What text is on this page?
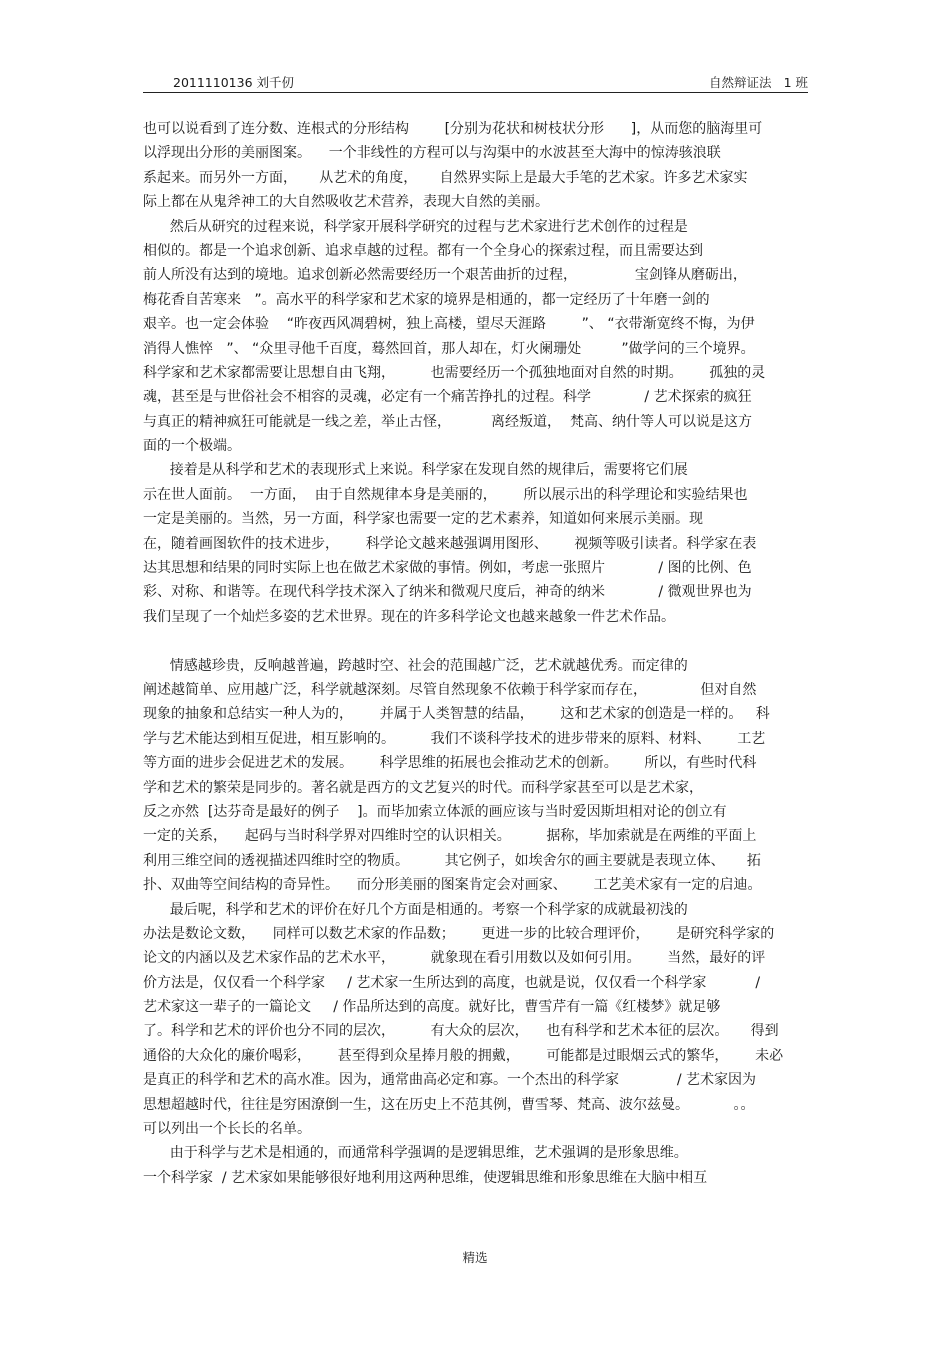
2011110136 刘千仞	自然辩证法 1 班
也可以说看到了连分数、连根式的分形结构        [分别为花状和树枝状分形      ]，从而您的脑海里可
以浮现出分形的美丽图案。    一个非线性的方程可以与沟渠中的水波甚至大海中的惊涛骇浪联
系起来。而另外一方面，     从艺术的角度，     自然界实际上是最大手笔的艺术家。许多艺术家实
际上都在从鬼斧神工的大自然吸收艺术营养，表现大自然的美丽。
然后从研究的过程来说，科学家开展科学研究的过程与艺术家进行艺术创作的过程是
相似的。都是一个追求创新、追求卓越的过程。都有一个全身心的探索过程，而且需要达到
前人所没有达到的境地。追求创新必然需要经历一个艰苦曲折的过程，             宝剑锋从磨砺出，
梅花香自苦寒来   ”。高水平的科学家和艺术家的境界是相通的，都一定经历了十年磨一剑的
艰辛。也一定会体验    “昨夜西风凋碧树，独上高楼，望尽天涯路        ”、 “衣带渐宽终不悔，为伊
消得人憔悴   ”、 “众里寻他千百度，蓦然回首，那人却在，灯火阑珊处         ”做学问的三个境界。
科学家和艺术家都需要让思想自由飞翔，        也需要经历一个孤独地面对自然的时期。      孤独的灵
魂，甚至是与世俗社会不相容的灵魂，必定有一个痛苦挣扎的过程。科学            / 艺术探索的疯狂
与真正的精神疯狂可能就是一线之差，举止古怪，         离经叛道，  梵高、纳什等人可以说是这方
面的一个极端。
接着是从科学和艺术的表现形式上来说。科学家在发现自然的规律后，需要将它们展
示在世人面前。  一方面，  由于自然规律本身是美丽的，      所以展示出的科学理论和实验结果也
一定是美丽的。当然，另一方面，科学家也需要一定的艺术素养，知道如何来展示美丽。现
在，随着画图软件的技术进步，      科学论文越来越强调用图形、      视频等吸引读者。科学家在表
达其思想和结果的同时实际上也在做艺术家做的事情。例如，考虑一张照片            / 图的比例、色
彩、对称、和谐等。在现代科学技术深入了纳米和微观尺度后，神奇的纳米            / 微观世界也为
我们呈现了一个灿烂多姿的艺术世界。现在的许多科学论文也越来越象一件艺术作品。
情感越珍贵，反响越普遍，跨越时空、社会的范围越广泛，艺术就越优秀。而定律的
阐述越简单、应用越广泛，科学就越深刻。尽管自然现象不依赖于科学家而存在，            但对自然
现象的抽象和总结实一种人为的，      并属于人类智慧的结晶，      这和艺术家的创造是一样的。   科
学与艺术能达到相互促进，相互影响的。        我们不谈科学技术的进步带来的原料、材料、      工艺
等方面的进步会促进艺术的发展。      科学思维的拓展也会推动艺术的创新。      所以，有些时代科
学和艺术的繁荣是同步的。著名就是西方的文艺复兴的时代。而科学家甚至可以是艺术家，
反之亦然  [达芬奇是最好的例子    ]。而毕加索立体派的画应该与当时爱因斯坦相对论的创立有
一定的关系，    起码与当时科学界对四维时空的认识相关。        据称，毕加索就是在两维的平面上
利用三维空间的透视描述四维时空的物质。        其它例子，如埃舍尔的画主要就是表现立体、     拓
扑、双曲等空间结构的奇异性。    而分形美丽的图案肯定会对画家、      工艺美术家有一定的启迪。
最后呢，科学和艺术的评价在好几个方面是相通的。考察一个科学家的成就最初浅的
办法是数论文数，    同样可以数艺术家的作品数；      更进一步的比较合理评价，      是研究科学家的
论文的内涵以及艺术家作品的艺术水平，        就象现在看引用数以及如何引用。      当然，最好的评
价方法是，仅仅看一个科学家     / 艺术家一生所达到的高度，也就是说，仅仅看一个科学家           /
艺术家这一辈子的一篇论文     / 作品所达到的高度。就好比，曹雪芹有一篇《红楼梦》就足够
了。科学和艺术的评价也分不同的层次，        有大众的层次，    也有科学和艺术本征的层次。     得到
通俗的大众化的廉价喝彩，      甚至得到众星捧月般的拥戴，      可能都是过眼烟云式的繁华，      未必
是真正的科学和艺术的高水准。因为，通常曲高必定和寡。一个杰出的科学家             / 艺术家因为
思想超越时代，往往是穷困潦倒一生，这在历史上不范其例，曹雪琴、梵高、波尔兹曼。          。。
可以列出一个长长的名单。
由于科学与艺术是相通的，而通常科学强调的是逻辑思维，艺术强调的是形象思维。
一个科学家  / 艺术家如果能够很好地利用这两种思维，使逻辑思维和形象思维在大脑中相互
精选
